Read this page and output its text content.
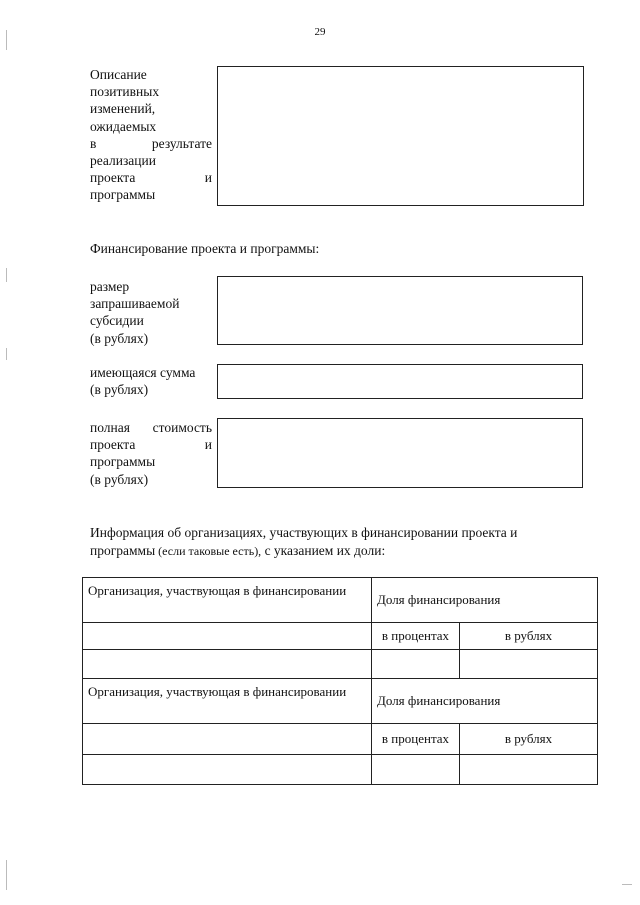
29
Описание
позитивных
изменений,
ожидаемых
в	результате
реализации
проекта	и
программы
Финансирование проекта и программы:
размер
запрашиваемой
субсидии
(в рублях)
имеющаяся сумма
(в рублях)
полная стоимость
проекта	и
программы
(в рублях)
Информация об организациях, участвующих в финансировании проекта и
программы (если таковые есть), с указанием их доли:
Организация, участвующая в финансировании	Доля финансирования	
	в процентах	в рублях

Организация, участвующая в финансировании	Доля финансирования	
	в процентах	в рублях
